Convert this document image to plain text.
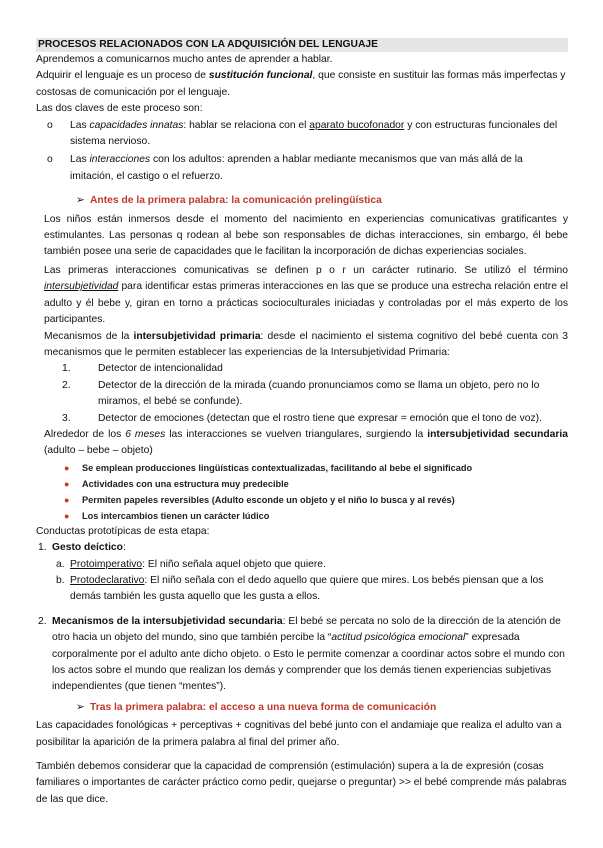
PROCESOS RELACIONADOS CON LA ADQUISICIÓN DEL LENGUAJE

Aprendemos a comunicarnos mucho antes de aprender a hablar.

Adquirir el lenguaje es un proceso de sustitución funcional, que consiste en sustituir las formas más imperfectas y costosas de comunicación por el lenguaje.

Las dos claves de este proceso son:

o Las capacidades innatas: hablar se relaciona con el aparato bucofonador y con estructuras funcionales del sistema nervioso.
o Las interacciones con los adultos: aprenden a hablar mediante mecanismos que van más allá de la imitación, el castigo o el refuerzo.
➢ Antes de la primera palabra: la comunicación prelingüística

Los niños están inmersos desde el momento del nacimiento en experiencias comunicativas gratificantes y estimulantes. Las personas q rodean al bebe son responsables de dichas interacciones, sin embargo, él bebe también posee una serie de capacidades que le facilitan la incorporación de dichas experiencias sociales.

Las primeras interacciones comunicativas se definen p o r un carácter rutinario. Se utilizó el término intersubjetividad para identificar estas primeras interacciones en las que se produce una estrecha relación entre el adulto y él bebe y, giran en torno a prácticas socioculturales iniciadas y controladas por el más experto de los participantes.

Mecanismos de la intersubjetividad primaria: desde el nacimiento el sistema cognitivo del bebé cuenta con 3 mecanismos que le permiten establecer las experiencias de la Intersubjetividad Primaria:

1.	Detector de intencionalidad
2.	Detector de la dirección de la mirada (cuando pronunciamos como se llama un objeto, pero no lo miramos, el bebé se confunde).
3.	Detector de emociones (detectan que el rostro tiene que expresar = emoción que el tono de voz).

Alrededor de los 6 meses las interacciones se vuelven triangulares, surgiendo la intersubjetividad secundaria (adulto – bebe – objeto)

● Se emplean producciones lingüísticas contextualizadas, facilitando al bebe el significado
● Actividades con una estructura muy predecible
● Permiten papeles reversibles (Adulto esconde un objeto y el niño lo busca y al revés)
● Los intercambios tienen un carácter lúdico

Conductas prototípicas de esta etapa:

1. Gesto deíctico:
a. Protoimperativo: El niño señala aquel objeto que quiere.
b. Protodeclarativo: El niño señala con el dedo aquello que quiere que mires. Los bebés piensan que a los demás también les gusta aquello que les gusta a ellos.
2. Mecanismos de la intersubjetividad secundaria: El bebé se percata no solo de la dirección de la atención de otro hacia un objeto del mundo, sino que también percibe la “actitud psicológica emocional” expresada corporalmente por el adulto ante dicho objeto. o Esto le permite comenzar a coordinar actos sobre el mundo con los actos sobre el mundo que realizan los demás y comprender que los demás tienen experiencias subjetivas independientes (que tienen “mentes”).
➢ Tras la primera palabra: el acceso a una nueva forma de comunicación

Las capacidades fonológicas + perceptivas + cognitivas del bebé junto con el andamiaje que realiza el adulto van a posibilitar la aparición de la primera palabra al final del primer año.

También debemos considerar que la capacidad de comprensión (estimulación) supera a la de expresión (cosas familiares o importantes de carácter práctico como pedir, quejarse o preguntar) >> el bebé comprende más palabras de las que dice.
